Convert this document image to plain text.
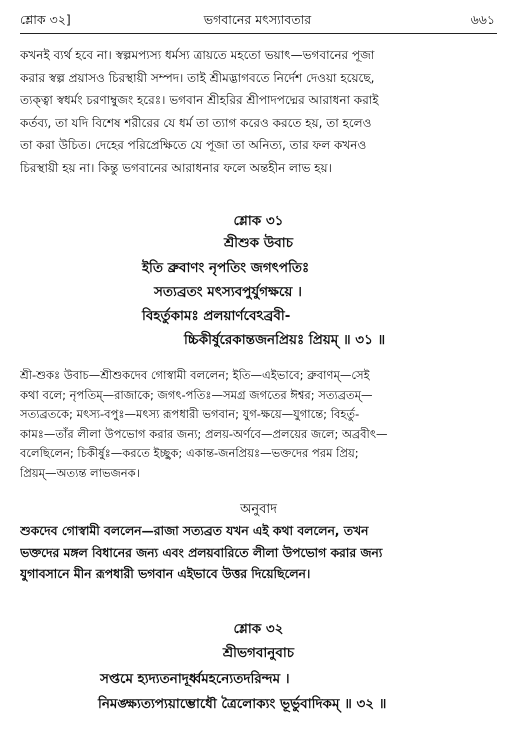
শ্লোক ৩২]	ভগবানের মৎস্যাবতার	৬৬১
কখনই ব্যর্থ হবে না। স্বল্পমপ্যস্য ধর্মস্য ত্রায়তে মহতো ভয়াৎ—ভগবানের পূজা
করার স্বল্প প্রয়াসও চিরস্থায়ী সম্পদ। তাই শ্রীমদ্ভাগবতে নির্দেশ দেওয়া হয়েছে,
ত্যক্ত্বা স্বধর্মং চরণাম্বুজং হরেঃ। ভগবান শ্রীহরির শ্রীপাদপদ্মের আরাধনা করাই
কর্তব্য, তা যদি বিশেষ শরীরের যে ধর্ম তা ত্যাগ করেও করতে হয়, তা হলেও
তা করা উচিত। দেহের পরিপ্রেক্ষিতে যে পূজা তা অনিত্য, তার ফল কখনও
চিরস্থায়ী হয় না। কিন্তু ভগবানের আরাধনার ফলে অন্তহীন লাভ হয়।
শ্লোক ৩১
শ্রীশুক উবাচ
ইতি ব্রুবাণং নৃপতিং জগৎপতিঃ
সত্যব্রতং মৎস্যবপুর্যুগক্ষয়ে ।
বিহর্তুকামঃ প্রলয়ার্ণবেঽব্রবী-
চ্চিকীর্ষুরেকান্তজনপ্রিয়ঃ প্রিয়ম্ ॥ ৩১ ॥
শ্রী-শুকঃ উবাচ—শ্রীশুকদেব গোস্বামী বললেন; ইতি—এইভাবে; ব্রুবাণম্—সেই
কথা বলে; নৃপতিম্—রাজাকে; জগৎ-পতিঃ—সমগ্র জগতের ঈশ্বর; সত্যব্রতম্—
সত্যব্রতকে; মৎস্য-বপুঃ—মৎস্য রূপধারী ভগবান; যুগ-ক্ষয়ে—যুগান্তে; বিহর্তু-
কামঃ—তাঁর লীলা উপভোগ করার জন্য; প্রলয়-অর্ণবে—প্রলয়ের জলে; অব্রবীৎ—
বলেছিলেন; চিকীর্ষুঃ—করতে ইচ্ছুক; একান্ত-জনপ্রিয়ঃ—ভক্তদের পরম প্রিয়;
প্রিয়ম্—অত্যন্ত লাভজনক।
অনুবাদ
শুকদেব গোস্বামী বললেন—রাজা সত্যব্রত যখন এই কথা বললেন, তখন
ভক্তদের মঙ্গল বিধানের জন্য এবং প্রলয়বারিতে লীলা উপভোগ করার জন্য
যুগাবসানে মীন রূপধারী ভগবান এইভাবে উত্তর দিয়েছিলেন।
শ্লোক ৩২
শ্রীভগবানুবাচ
সপ্তমে হ্যদ্যতনাদূর্ধ্বমহন্যেতদরিন্দম ।
নিমঙ্ক্ষ্যত্যপ্যয়াম্ভোধৌ ত্রৈলোক্যং ভূর্ভুবাদিকম্ ॥ ৩২ ॥
